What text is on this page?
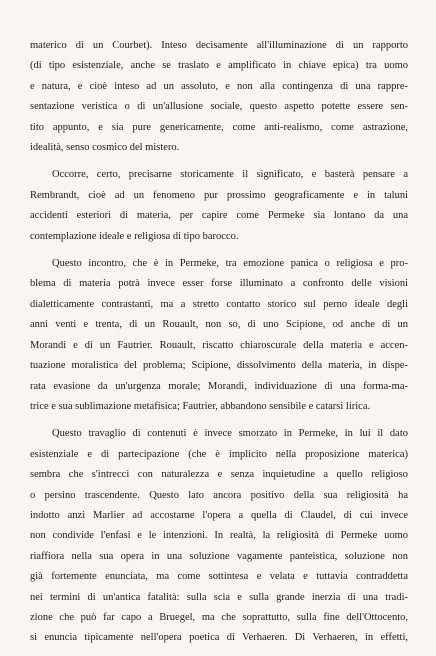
materico di un Courbet). Inteso decisamente all'illuminazione di un rapporto
(di tipo esistenziale, anche se traslato e amplificato in chiave epica) tra uomo
e natura, e cioè inteso ad un assoluto, e non alla contingenza di una rappre-
sentazione veristica o di un'allusione sociale, questo aspetto potette essere sen-
tito appunto, e sia pure genericamente, come anti-realismo, come astrazione,
idealità, senso cosmico del mistero.
Occorre, certo, precisarne storicamente il significato, e basterà pensare a
Rembrandt, cioè ad un fenomeno pur prossimo geograficamente e in taluni
accidenti esteriori di materia, per capire come Permeke sia lontano da una
contemplazione ideale e religiosa di tipo barocco.
Questo incontro, che è in Permeke, tra emozione panica o religiosa e pro-
blema di materia potrà invece esser forse illuminato a confronto delle visioni
dialetticamente contrastanti, ma a stretto contatto storico sul perno ideale degli
anni venti e trenta, di un Rouault, non so, di uno Scipione, od anche di un
Morandi e di un Fautrier. Rouault, riscatto chiaroscurale della materia e accen-
tuazione moralistica del problema; Scipione, dissolvimento della materia, in dispe-
rata evasione da un'urgenza morale; Morandi, individuazione di una forma-ma-
trice e sua sublimazione metafisica; Fautrier, abbandono sensibile e catarsi lirica.
Questo travaglio di contenuti è invece smorzato in Permeke, in lui il dato
esistenziale e di partecipazione (che è implicito nella proposizione materica)
sembra che s'intrecci con naturalezza e senza inquietudine a quello religioso
o persino trascendente. Questo lato ancora positivo della sua religiosità ha
indotto anzi Marlier ad accostarne l'opera a quella di Claudel, di cui invece
non condivide l'enfasi e le intenzioni. In realtà, la religiosità di Permeke uomo
riaffiora nella sua opera in una soluzione vagamente panteistica, soluzione non
già fortemente enunciata, ma come sottintesa e velata e tuttavia contraddetta
nei termini di un'antica fatalità: sulla scia e sulla grande inerzia di una tradi-
zione che può far capo a Bruegel, ma che soprattutto, sulla fine dell'Ottocento,
si enuncia tipicamente nell'opera poetica di Verhaeren. Di Verhaeren, in effetti,
